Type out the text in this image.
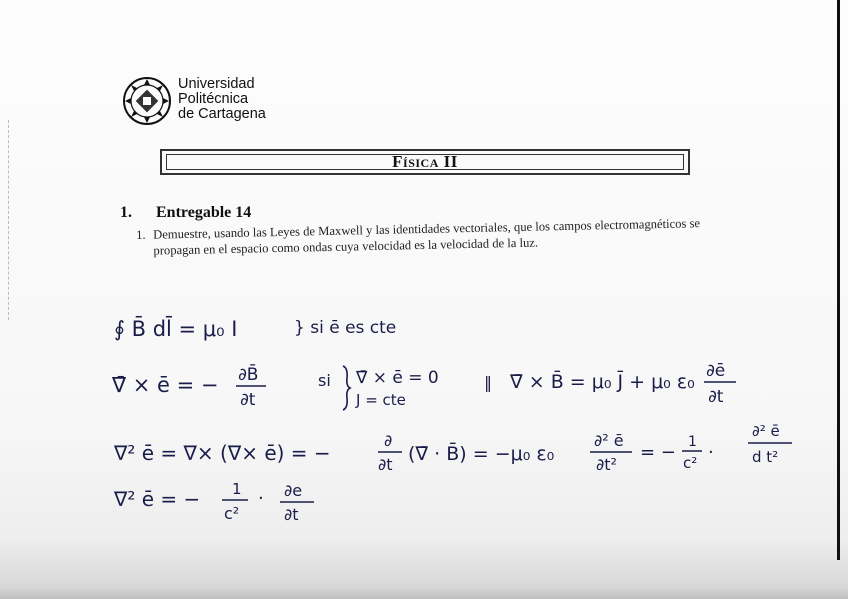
Universidad
Politécnica
de Cartagena
Física II
1. Entregable 14
1. Demuestre, usando las Leyes de Maxwell y las identidades vectoriales, que los campos electromagnéticos se propagan en el espacio como ondas cuya velocidad es la velocidad de la luz.
∮ B̄ dl̄ = μ₀ I	} si ē es cte
∇̄ × ē = − ∂B̄
∂t
si ∇̄ × ē = 0
J = cte
‖ ∇̄ × B̄ = μ₀ J̄ + μ₀ ε₀ ∂ē
∂t
∇² ē = ∇× (∇× ē) = −
∂
∂t (∇̄ · B̄) = −μ₀ ε₀
∂² ē
∂t²
= − 1
c² ·
∂² ē
d t²
∇² ē = − 1
c²
· ∂e
∂t
